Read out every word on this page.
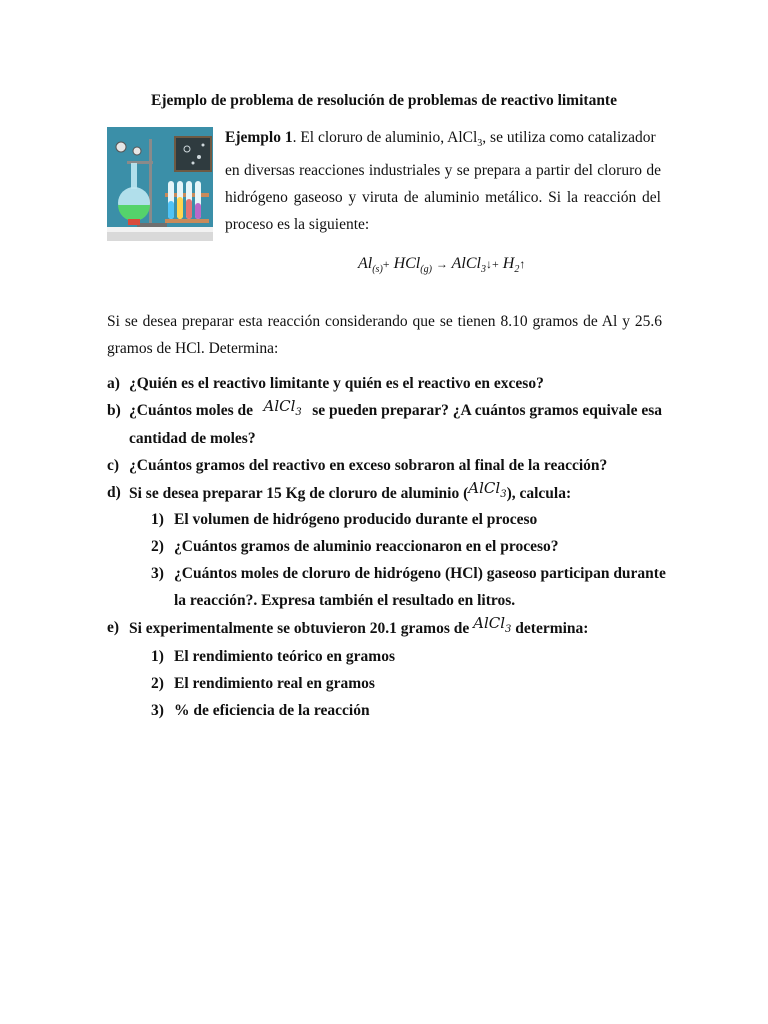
Ejemplo de problema de resolución de problemas de reactivo limitante
Ejemplo 1. El cloruro de aluminio, AlCl$_3$, se utiliza como catalizador
en diversas reacciones industriales y se prepara a partir del cloruro de
hidrógeno gaseoso y viruta de aluminio metálico. Si la reacción del
proceso es la siguiente:
$Al_{(s)}+ HCl_{(g)}$ → AlCl$_3$↓+ $H_2↑$
Si se desea preparar esta reacción considerando que se tienen 8.10 gramos de Al y 25.6
gramos de HCl. Determina:
a) ¿Quién es el reactivo limitante y quién es el reactivo en exceso?
b) ¿Cuántos moles de AlCl$_3$ se pueden preparar? ¿A cuántos gramos equivale esa
cantidad de moles?
c) ¿Cuántos gramos del reactivo en exceso sobraron al final de la reacción?
d) Si se desea preparar 15 Kg de cloruro de aluminio (AlCl$_3$), calcula:
1) El volumen de hidrógeno producido durante el proceso
2) ¿Cuántos gramos de aluminio reaccionaron en el proceso?
3) ¿Cuántos moles de cloruro de hidrógeno (HCl) gaseoso participan durante
la reacción?. Expresa también el resultado en litros.
e) Si experimentalmente se obtuvieron 20.1 gramos de AlCl$_3$ determina:
1) El rendimiento teórico en gramos
2) El rendimiento real en gramos
3) % de eficiencia de la reacción
